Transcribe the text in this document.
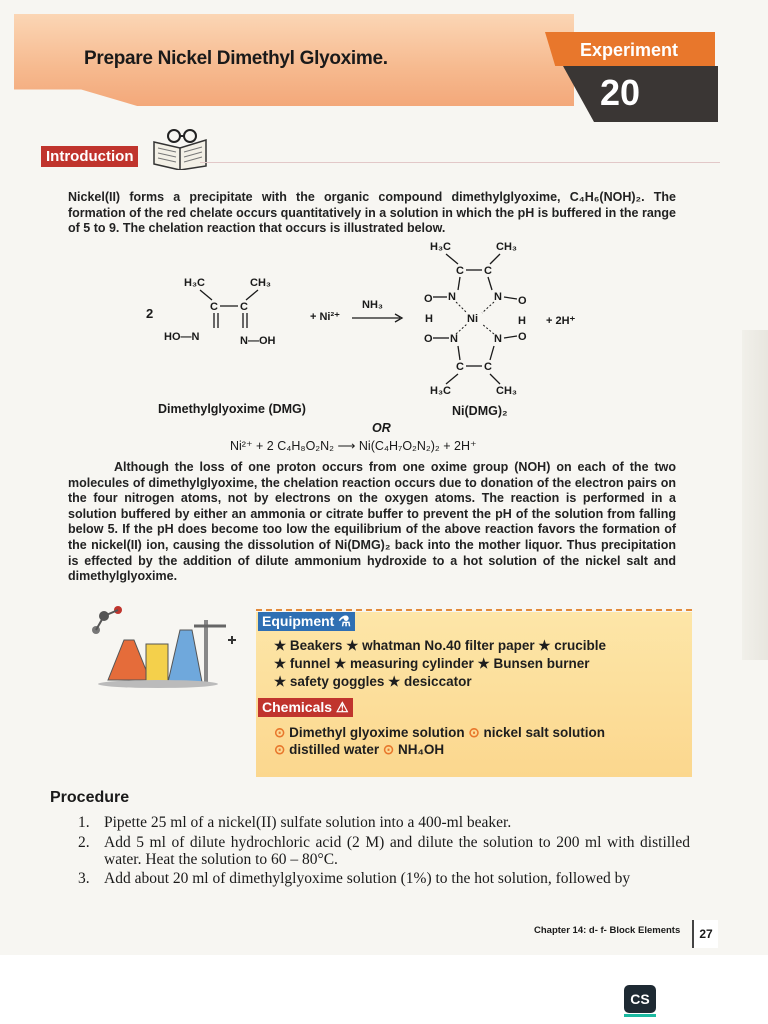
Prepare Nickel Dimethyl Glyoxime.	Experiment
20
Introduction
Nickel(II) forms a precipitate with the organic compound dimethylglyoxime, C₄H₆(NOH)₂. The formation of the red chelate occurs quantitatively in a solution in which the pH is buffered in the range of 5 to 9. The chelation reaction that occurs is illustrated below.
2
H₃C	CH₃
C C
HO—N	N—OH
+ Ni²⁺
NH₃
H₃C	CH₃
C C
O N	N O
Ni
H	H + 2H⁺
O N	N O
C C
H₃C	CH₃
Dimethylglyoxime (DMG)	Ni(DMG)₂
OR
Ni²⁺ + 2 C₄H₈O₂N₂ ⟶ Ni(C₄H₇O₂N₂)₂ + 2H⁺
Although the loss of one proton occurs from one oxime group (NOH) on each of the two molecules of dimethylglyoxime, the chelation reaction occurs due to donation of the electron pairs on the four nitrogen atoms, not by electrons on the oxygen atoms. The reaction is performed in a solution buffered by either an ammonia or citrate buffer to prevent the pH of the solution from falling below 5. If the pH does become too low the equilibrium of the above reaction favors the formation of the nickel(II) ion, causing the dissolution of Ni(DMG)₂ back into the mother liquor. Thus precipitation is effected by the addition of dilute ammonium hydroxide to a hot solution of the nickel salt and dimethylglyoxime.
Equipment ⚗
★ Beakers ★ whatman No.40 filter paper ★ crucible
★ funnel ★ measuring cylinder ★ Bunsen burner
★ safety goggles ★ desiccator
Chemicals ⚠
⊙ Dimethyl glyoxime solution ⊙ nickel salt solution
⊙ distilled water ⊙ NH₄OH
Procedure
1. Pipette 25 ml of a nickel(II) sulfate solution into a 400-ml beaker.
2. Add 5 ml of dilute hydrochloric acid (2 M) and dilute the solution to 200 ml with distilled water. Heat the solution to 60 – 80°C.
3. Add about 20 ml of dimethylglyoxime solution (1%) to the hot solution, followed by
Chapter 14: d- f- Block Elements	27
CS
